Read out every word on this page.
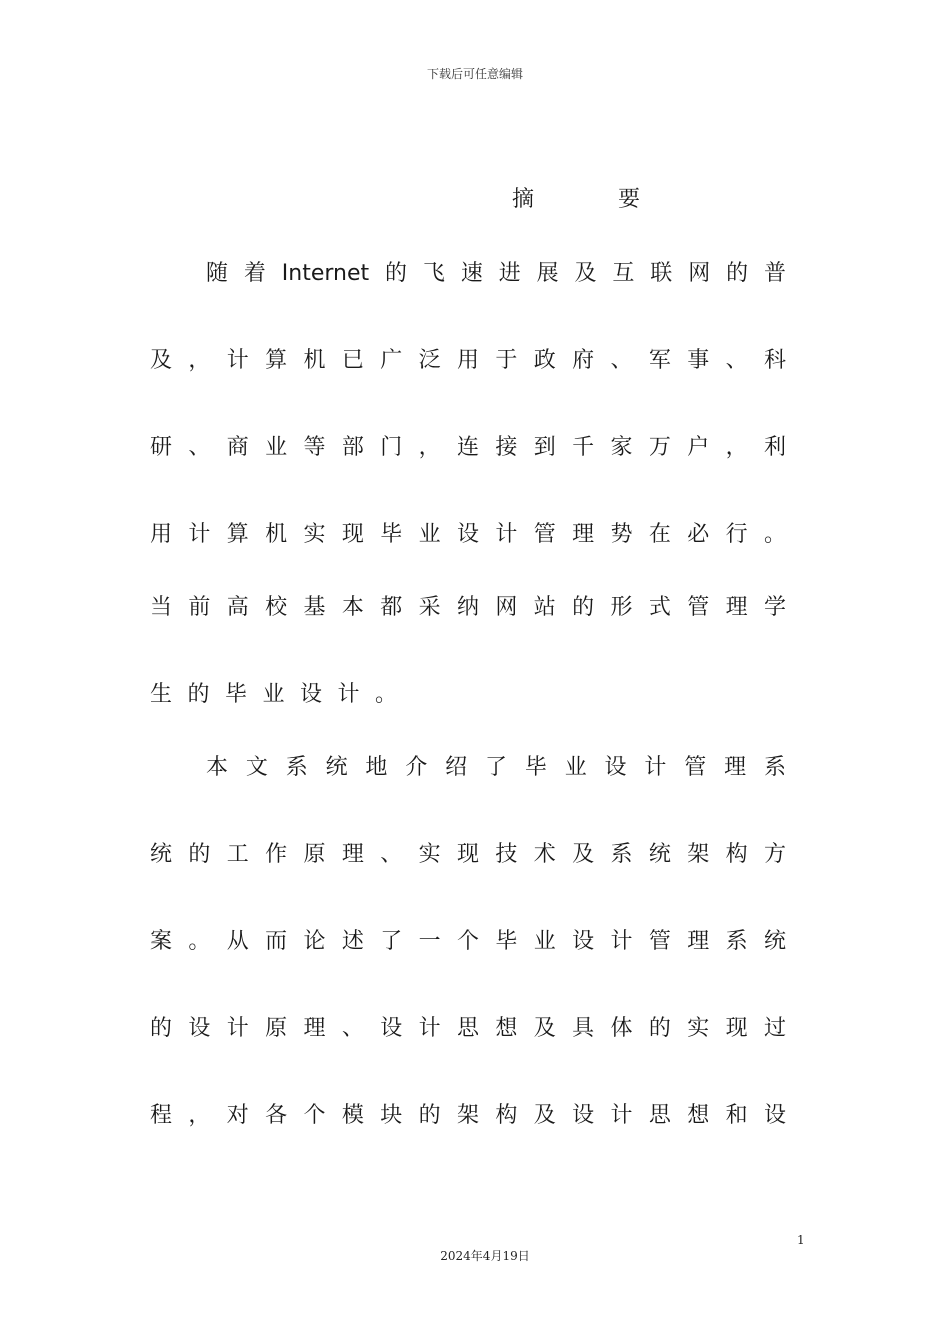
下载后可任意编辑
摘要
随着Internet的飞速进展及互联网的普
及，计算机已广泛用于政府、军事、科
研、商业等部门，连接到千家万户，利
用计算机实现毕业设计管理势在必行。
当前高校基本都采纳网站的形式管理学
生的毕业设计。
本文系统地介绍了毕业设计管理系
统的工作原理、实现技术及系统架构方
案。从而论述了一个毕业设计管理系统
的设计原理、设计思想及具体的实现过
程，对各个模块的架构及设计思想和设
1
2024年4月19日
